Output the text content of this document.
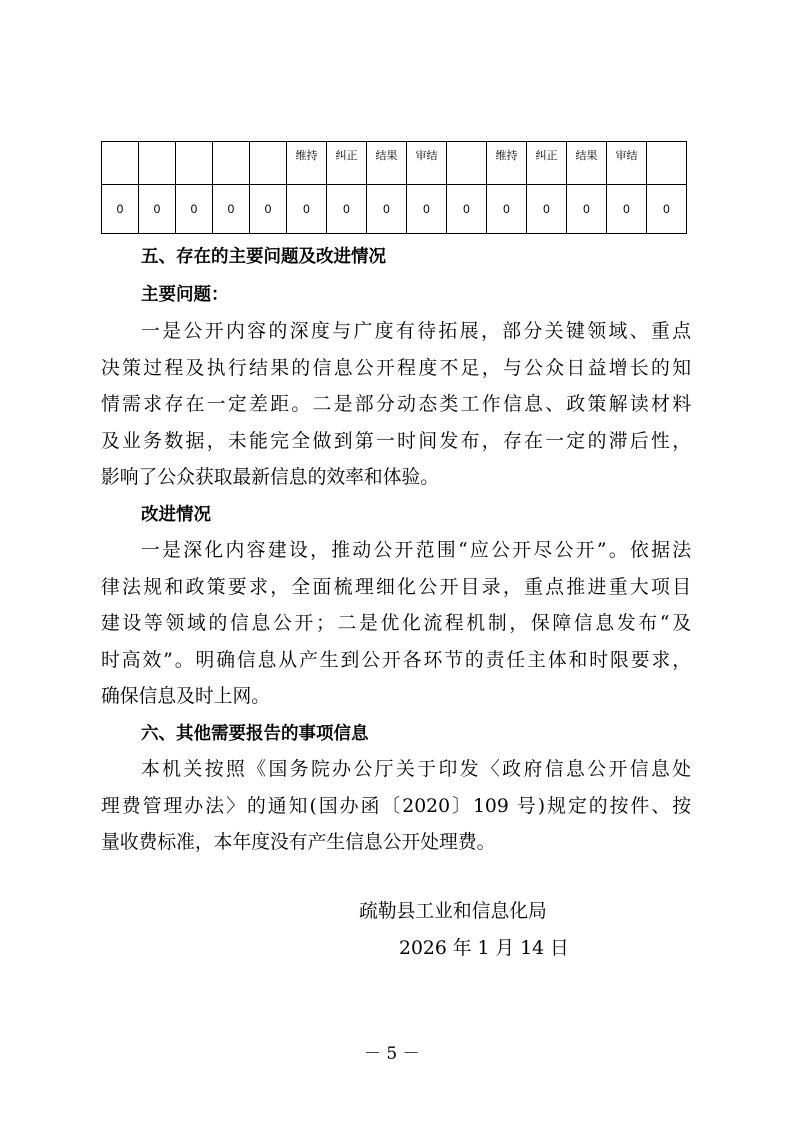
					维持	纠正	结果	审结		维持	纠正	结果	审结	

0	0	0	0	0	0	0	0	0	0	0	0	0	0	0
五、存在的主要问题及改进情况
主要问题：
一是公开内容的深度与广度有待拓展，部分关键领域、重点
决策过程及执行结果的信息公开程度不足，与公众日益增长的知
情需求存在一定差距。二是部分动态类工作信息、政策解读材料
及业务数据，未能完全做到第一时间发布，存在一定的滞后性，
影响了公众获取最新信息的效率和体验。
改进情况
一是深化内容建设，推动公开范围“应公开尽公开”。依据法
律法规和政策要求，全面梳理细化公开目录，重点推进重大项目
建设等领域的信息公开；二是优化流程机制，保障信息发布“及
时高效”。明确信息从产生到公开各环节的责任主体和时限要求，
确保信息及时上网。
六、其他需要报告的事项信息
本机关按照《国务院办公厅关于印发〈政府信息公开信息处
理费管理办法〉的通知(国办函〔2020〕109 号)规定的按件、按
量收费标准，本年度没有产生信息公开处理费。
疏勒县工业和信息化局
2026 年 1 月 14 日
－ 5 －
